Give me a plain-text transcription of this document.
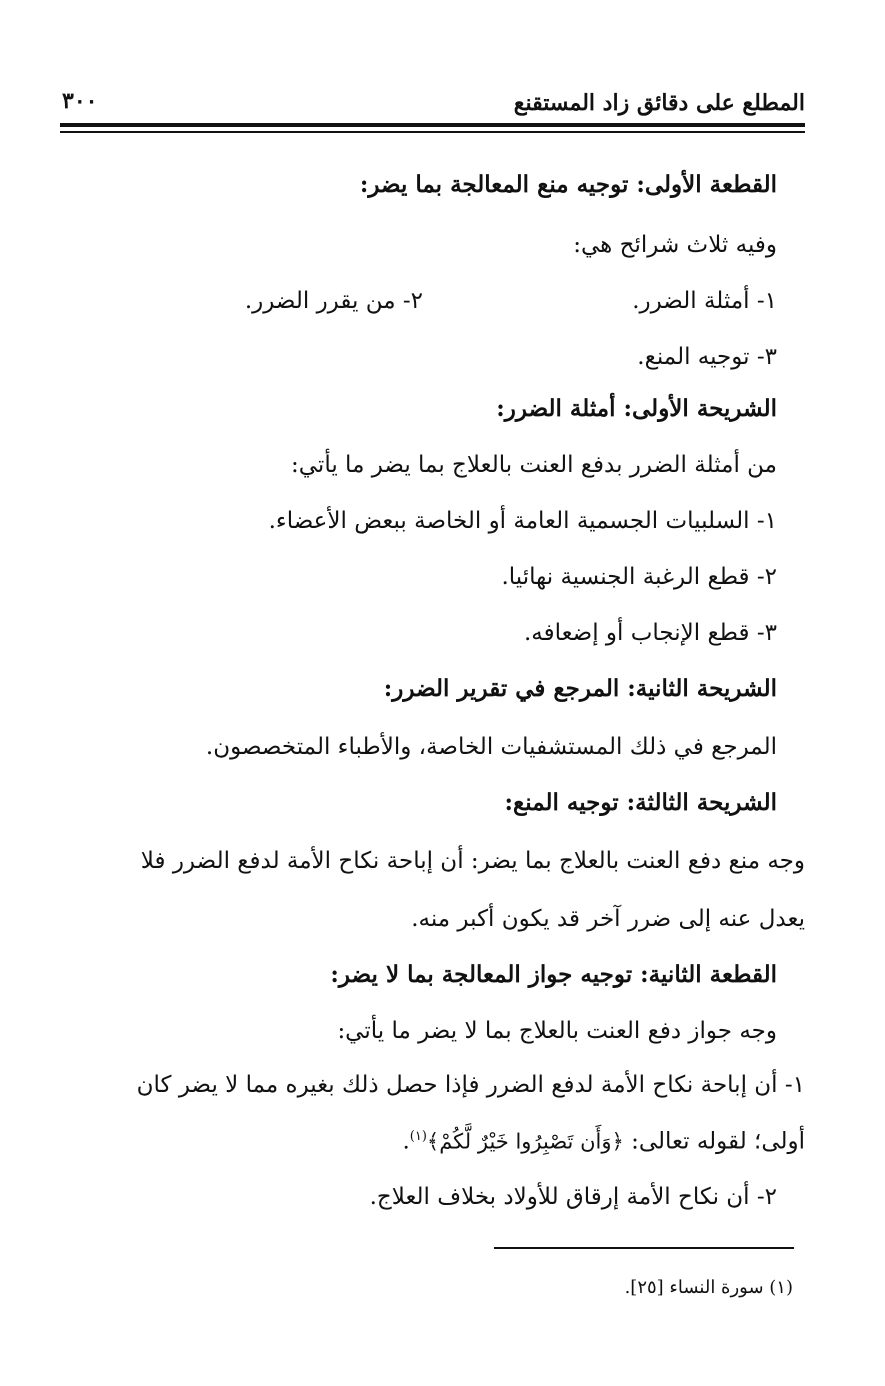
المطلع على دقائق زاد المستقنع
٣٠٠
القطعة الأولى: توجيه منع المعالجة بما يضر:
وفيه ثلاث شرائح هي:
١- أمثلة الضرر.
٢- من يقرر الضرر.
٣- توجيه المنع.
الشريحة الأولى: أمثلة الضرر:
من أمثلة الضرر بدفع العنت بالعلاج بما يضر ما يأتي:
١- السلبيات الجسمية العامة أو الخاصة ببعض الأعضاء.
٢- قطع الرغبة الجنسية نهائيا.
٣- قطع الإنجاب أو إضعافه.
الشريحة الثانية: المرجع في تقرير الضرر:
المرجع في ذلك المستشفيات الخاصة، والأطباء المتخصصون.
الشريحة الثالثة: توجيه المنع:
وجه منع دفع العنت بالعلاج بما يضر: أن إباحة نكاح الأمة لدفع الضرر فلا
يعدل عنه إلى ضرر آخر قد يكون أكبر منه.
القطعة الثانية: توجيه جواز المعالجة بما لا يضر:
وجه جواز دفع العنت بالعلاج بما لا يضر ما يأتي:
١- أن إباحة نكاح الأمة لدفع الضرر فإذا حصل ذلك بغيره مما لا يضر كان
أولى؛ لقوله تعالى: ﴿وَأَن تَصْبِرُوا خَيْرٌ لَّكُمْ﴾$^{(١)}$.
٢- أن نكاح الأمة إرقاق للأولاد بخلاف العلاج.
(١) سورة النساء [٢٥].
